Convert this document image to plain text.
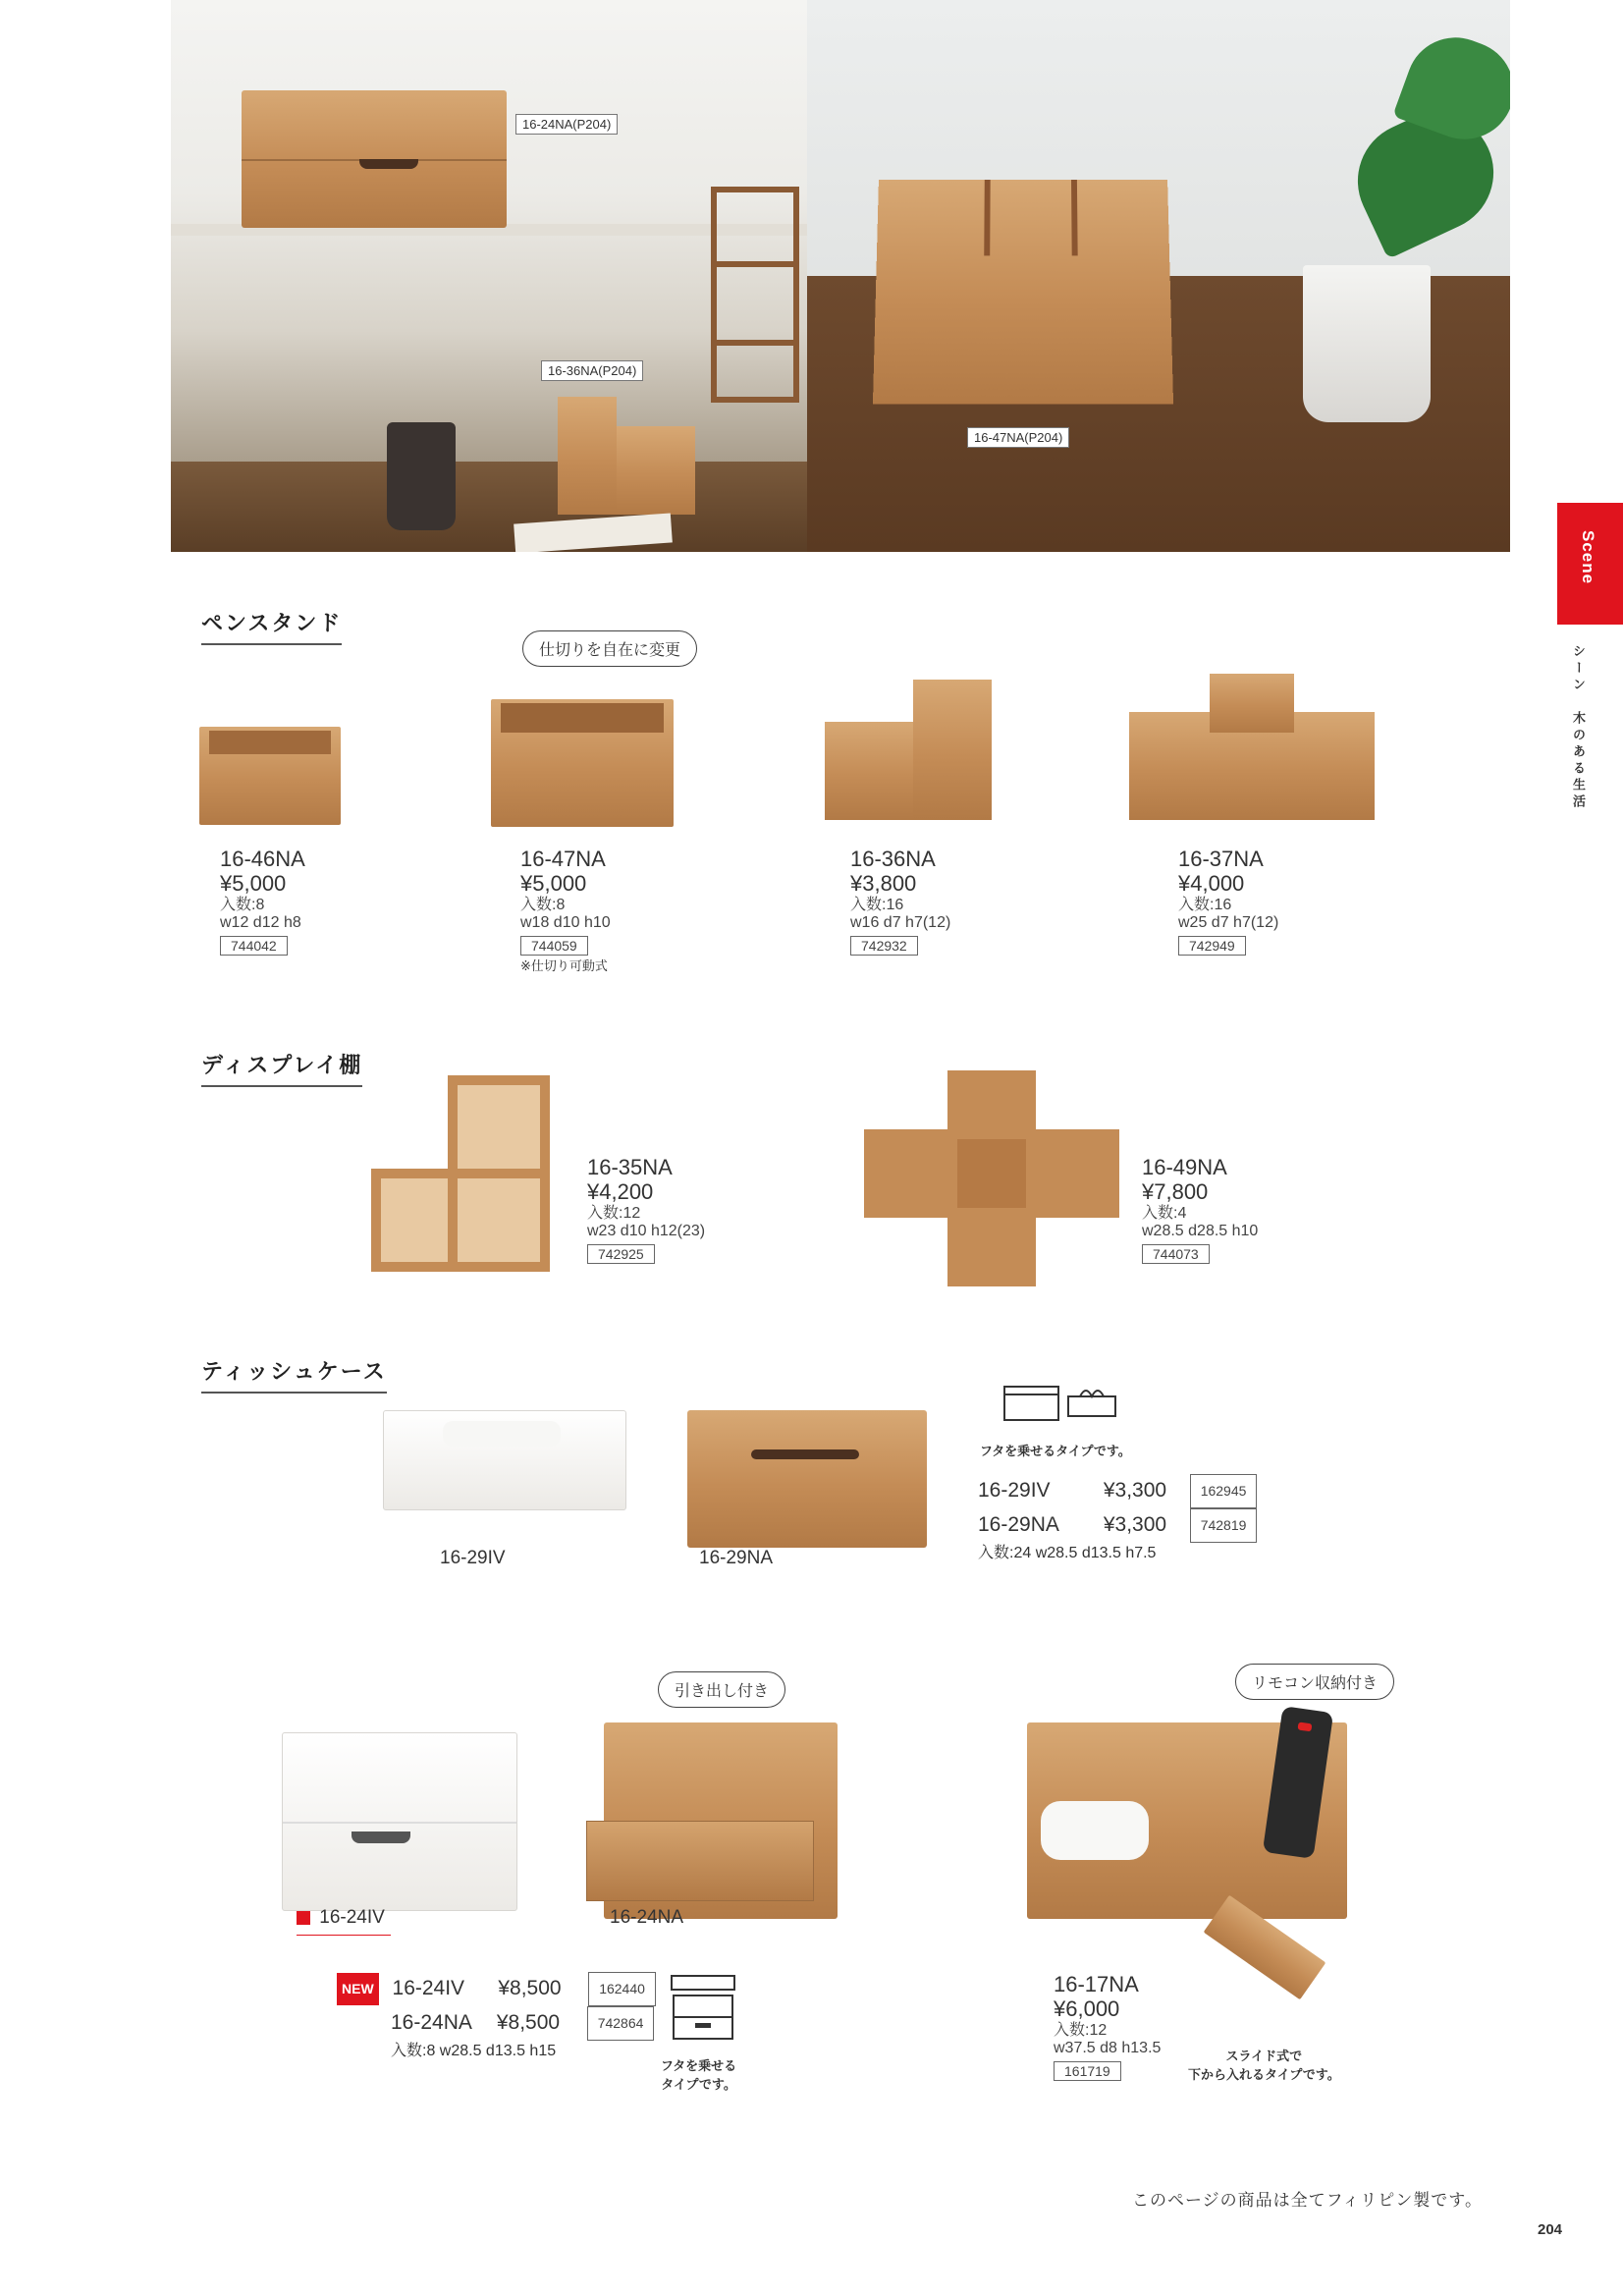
16-24NA(P204)
16-36NA(P204)
16-47NA(P204)
Scene
シーン　木のある生活
ペンスタンド
仕切りを自在に変更
16-46NA
¥5,000
入数:8
w12 d12 h8
744042
16-47NA
¥5,000
入数:8
w18 d10 h10
744059
※仕切り可動式
16-36NA
¥3,800
入数:16
w16 d7 h7(12)
742932
16-37NA
¥4,000
入数:16
w25 d7 h7(12)
742949
ディスプレイ棚
16-35NA
¥4,200
入数:12
w23 d10 h12(23)
742925
16-49NA
¥7,800
入数:4
w28.5 d28.5 h10
744073
ティッシュケース
16-29IV	16-29NA
フタを乗せるタイプです。
16-29IV	¥3,300 162945
16-29NA ¥3,300 742819
入数:24 w28.5 d13.5 h7.5
引き出し付き
16-24IV	16-24NA
NEW 16-24IV ¥8,500	162440
16-24NA ¥8,500	742864
入数:8 w28.5 d13.5 h15
フタを乗せる
タイプです。
リモコン収納付き
16-17NA
¥6,000
入数:12
w37.5 d8 h13.5
161719
スライド式で
下から入れるタイプです。
このページの商品は全てフィリピン製です。
204
